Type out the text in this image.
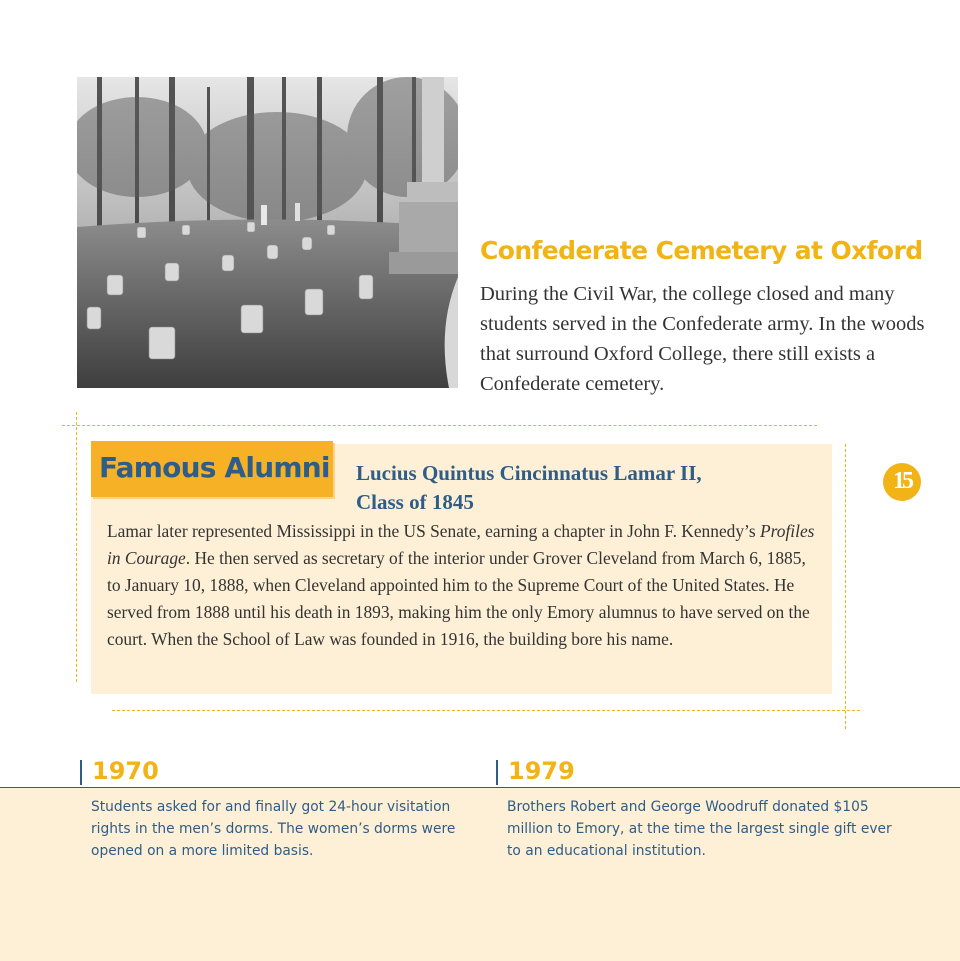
Confederate Cemetery at Oxford
During the Civil War, the college closed and many students served in the Confederate army. In the woods that surround Oxford College, there still exists a Confederate cemetery.
Famous Alumni Lucius Quintus Cincinnatus Lamar II,
Class of 1845
Lamar later represented Mississippi in the US Senate, earning a chapter in John F. Kennedy’s Profiles in Courage. He then served as secretary of the interior under Grover Cleveland from March 6, 1885, to January 10, 1888, when Cleveland appointed him to the Supreme Court of the United States. He served from 1888 until his death in 1893, making him the only Emory alumnus to have served on the court. When the School of Law was founded in 1916, the building bore his name.
15
1970
Students asked for and finally got 24-hour visitation rights in the men’s dorms. The women’s dorms were opened on a more limited basis.
1979
Brothers Robert and George Woodruff donated $105 million to Emory, at the time the largest single gift ever to an educational institution.
